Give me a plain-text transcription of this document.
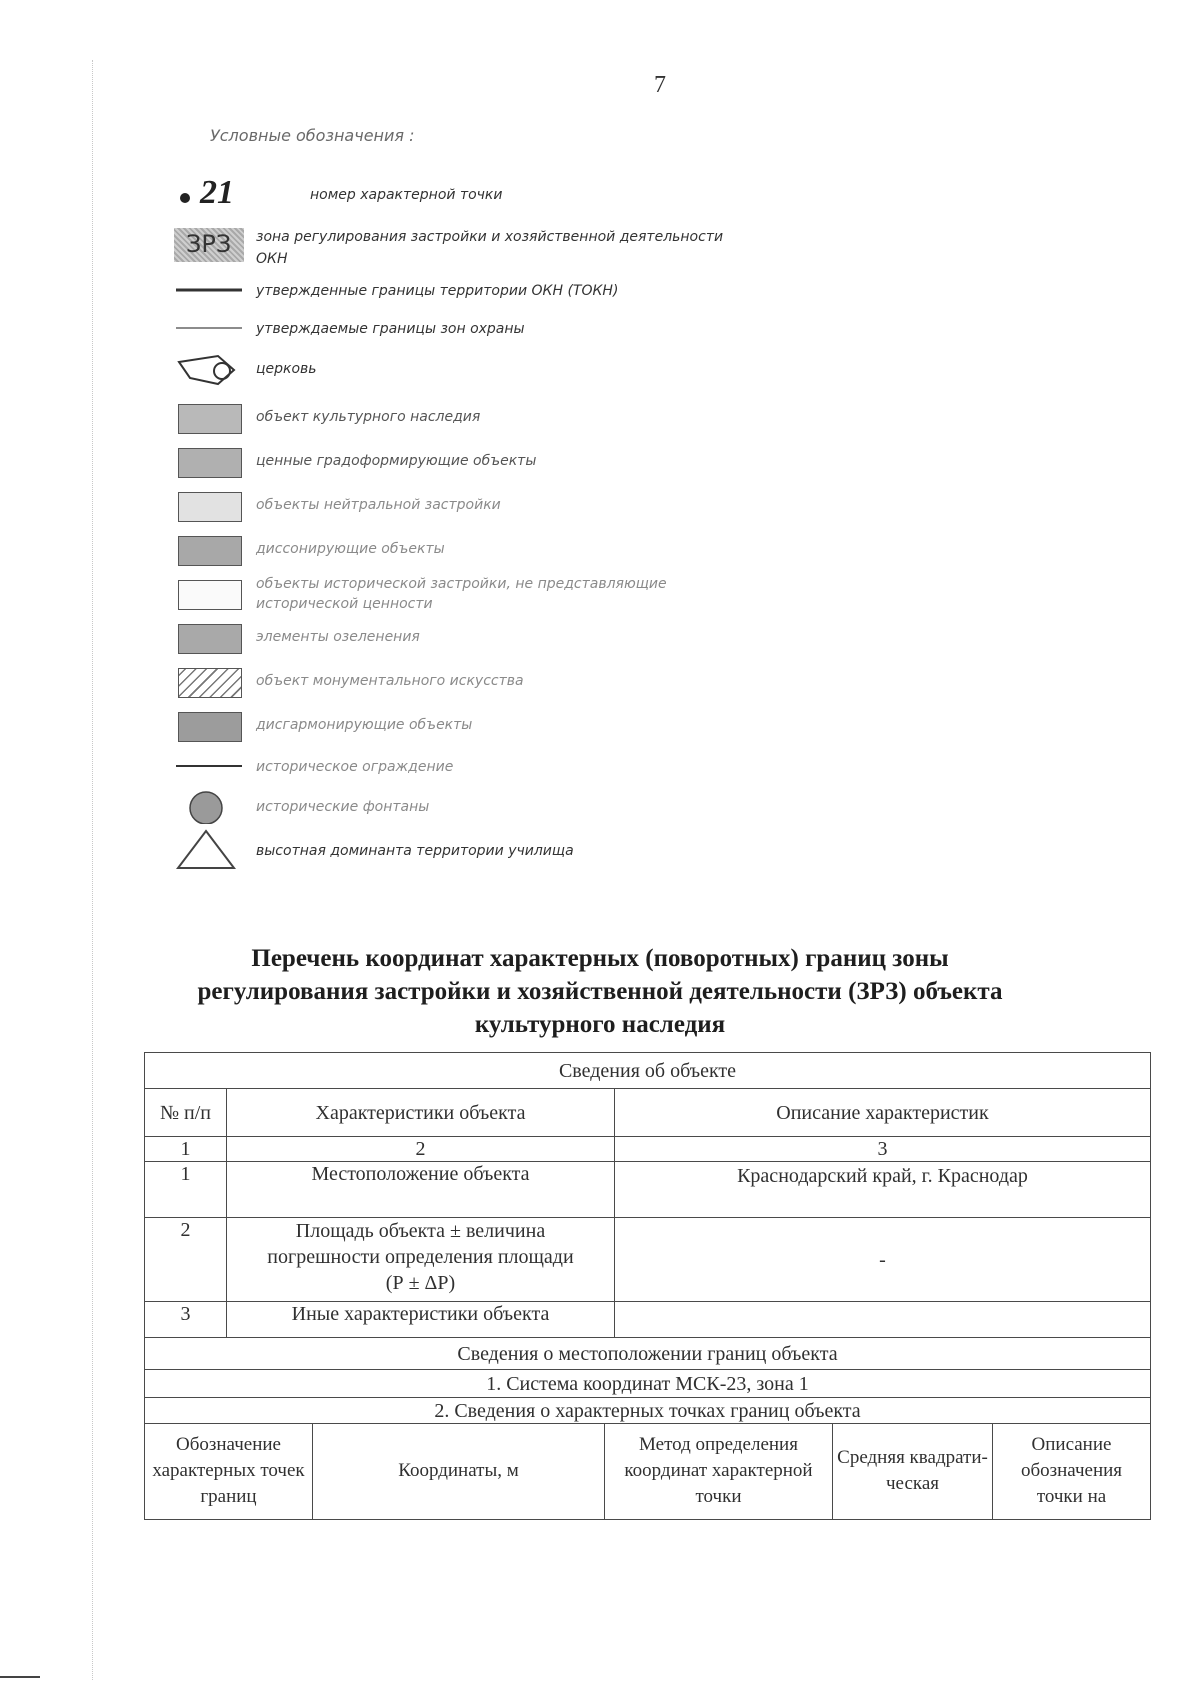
7
Условные обозначения :
21	номер характерной точки
ЗРЗ зона регулирования застройки и хозяйственной деятельности ОКН
утвержденные границы территории ОКН (ТОКН)
утверждаемые границы зон охраны
церковь
объект культурного наследия
ценные градоформирующие объекты
объекты нейтральной застройки
диссонирующие объекты
объекты исторической застройки, не представляющие исторической ценности
элементы озеленения
объект монументального искусства
дисгармонирующие объекты
историческое ограждение
исторические фонтаны
высотная доминанта территории училища
Перечень координат характерных (поворотных) границ зоны
регулирования застройки и хозяйственной деятельности (ЗРЗ) объекта
культурного наследия
Сведения об объекте		
№ п/п	Характеристики объекта	Описание характеристик
1	2	3
1	Местоположение объекта	Краснодарский край, г. Краснодар
2	Площадь объекта ± величина погрешности определения площади (Р ± ΔР)	-
3	Иные характеристики объекта	
Сведения о местоположении границ объекта		
1. Система координат МСК-23, зона 1		
2. Сведения о характерных точках границ объекта		
Обозначение характерных точек границ	Координаты, м	Метод определения координат характерной точки	Средняя квадрати-ческая	Описание обозначения точки на
